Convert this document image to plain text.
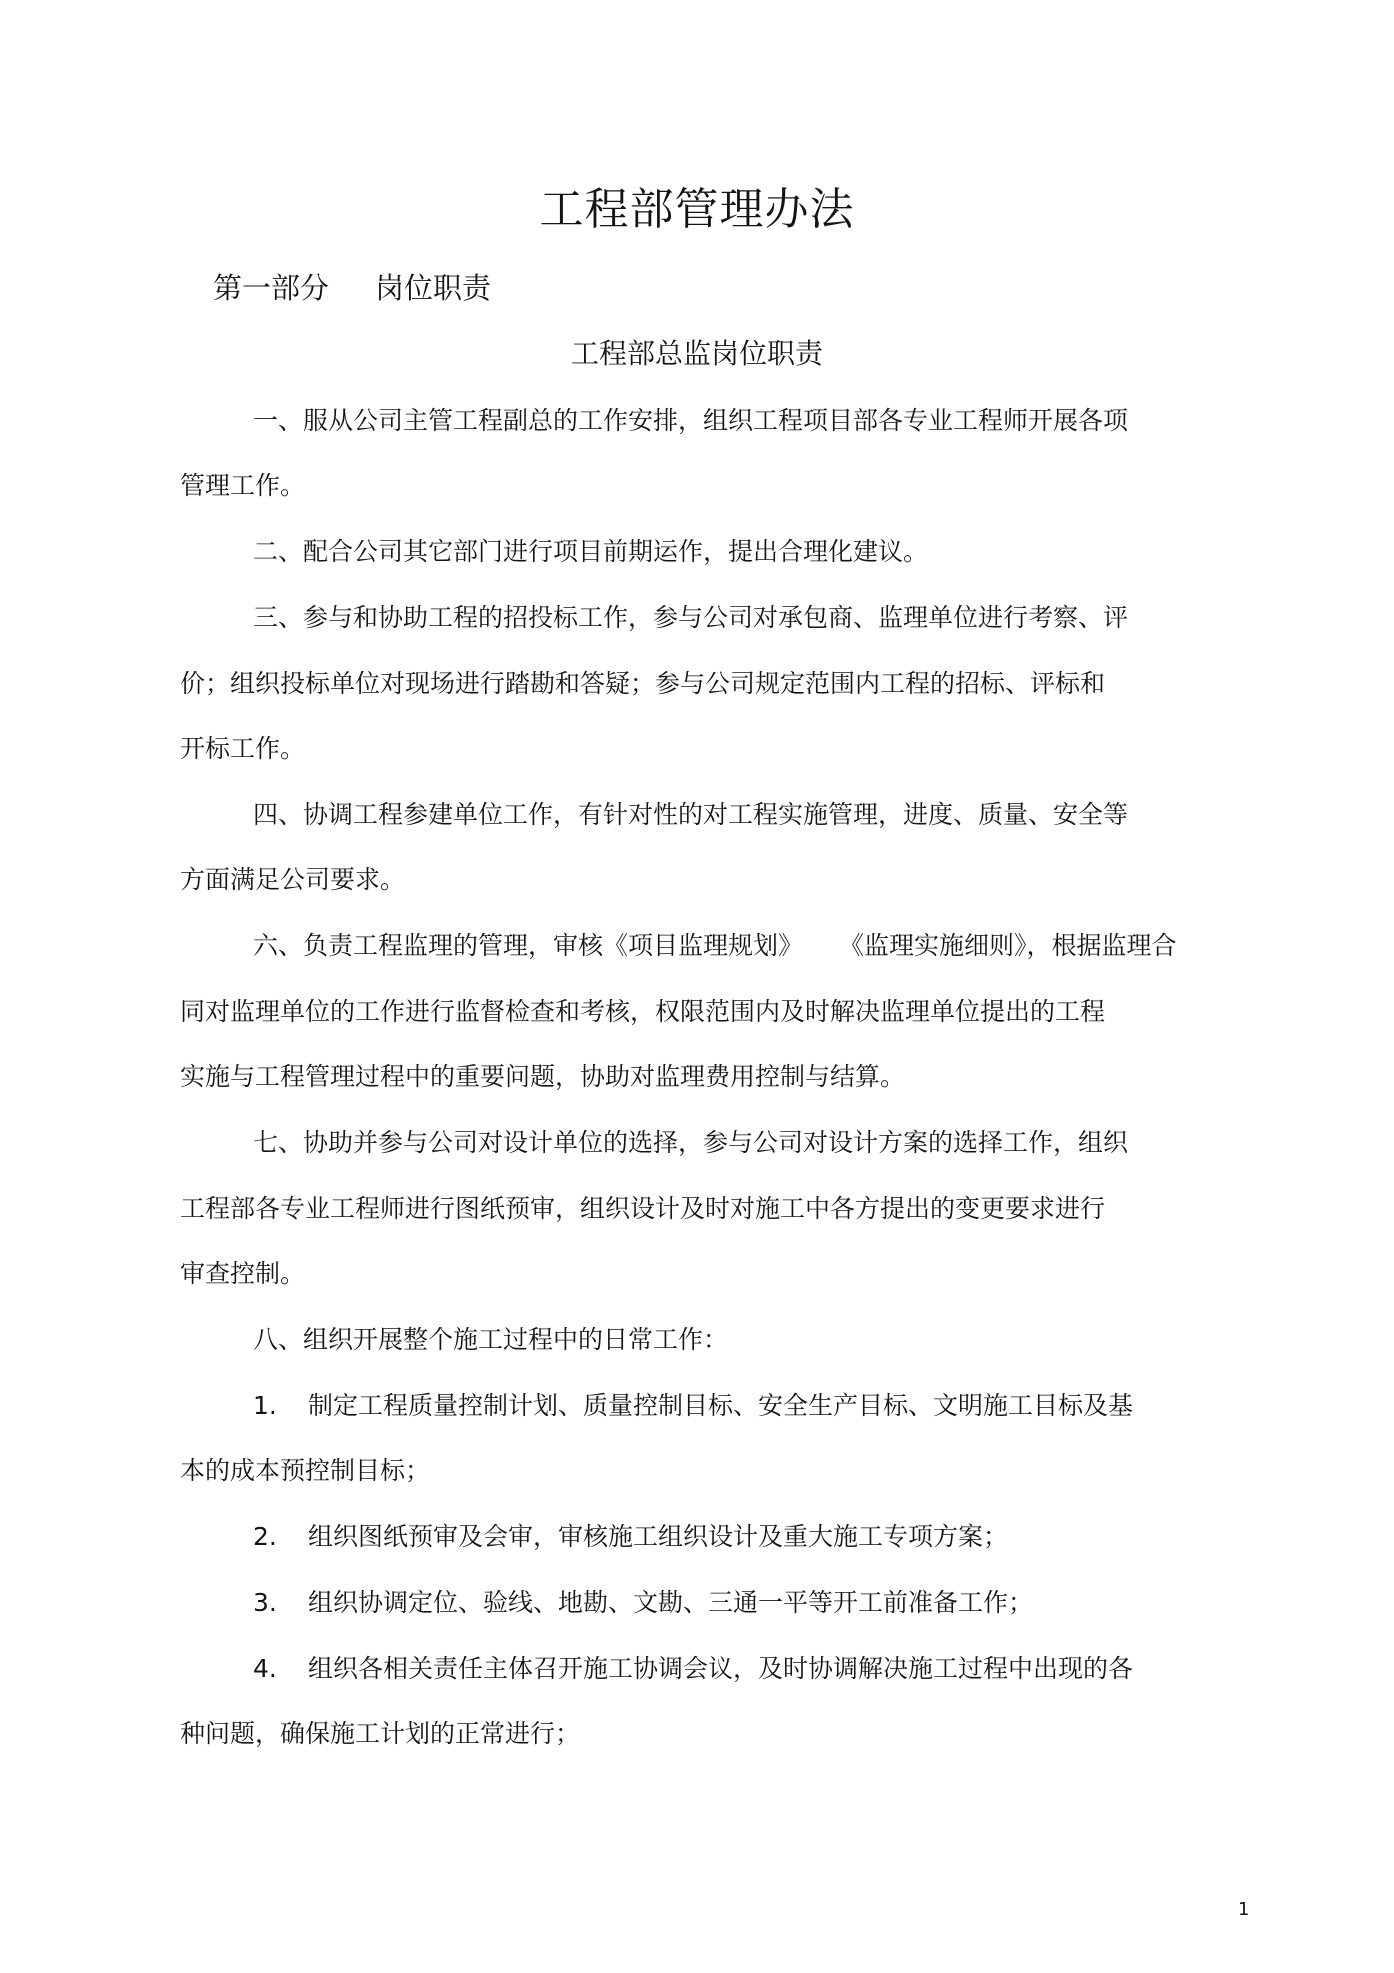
工程部管理办法
第一部分 岗位职责
工程部总监岗位职责
一、服从公司主管工程副总的工作安排，组织工程项目部各专业工程师开展各项
管理工作。
二、配合公司其它部门进行项目前期运作，提出合理化建议。
三、参与和协助工程的招投标工作，参与公司对承包商、监理单位进行考察、评
价；组织投标单位对现场进行踏勘和答疑；参与公司规定范围内工程的招标、评标和
开标工作。
四、协调工程参建单位工作，有针对性的对工程实施管理，进度、质量、安全等
方面满足公司要求。
六、负责工程监理的管理，审核《项目监理规划》 《监理实施细则》，根据监理合
同对监理单位的工作进行监督检查和考核，权限范围内及时解决监理单位提出的工程
实施与工程管理过程中的重要问题，协助对监理费用控制与结算。
七、协助并参与公司对设计单位的选择，参与公司对设计方案的选择工作，组织
工程部各专业工程师进行图纸预审，组织设计及时对施工中各方提出的变更要求进行
审查控制。
八、组织开展整个施工过程中的日常工作：
1. 制定工程质量控制计划、质量控制目标、安全生产目标、文明施工目标及基
本的成本预控制目标；
2. 组织图纸预审及会审，审核施工组织设计及重大施工专项方案；
3. 组织协调定位、验线、地勘、文勘、三通一平等开工前准备工作；
4. 组织各相关责任主体召开施工协调会议，及时协调解决施工过程中出现的各
种问题，确保施工计划的正常进行；
1
